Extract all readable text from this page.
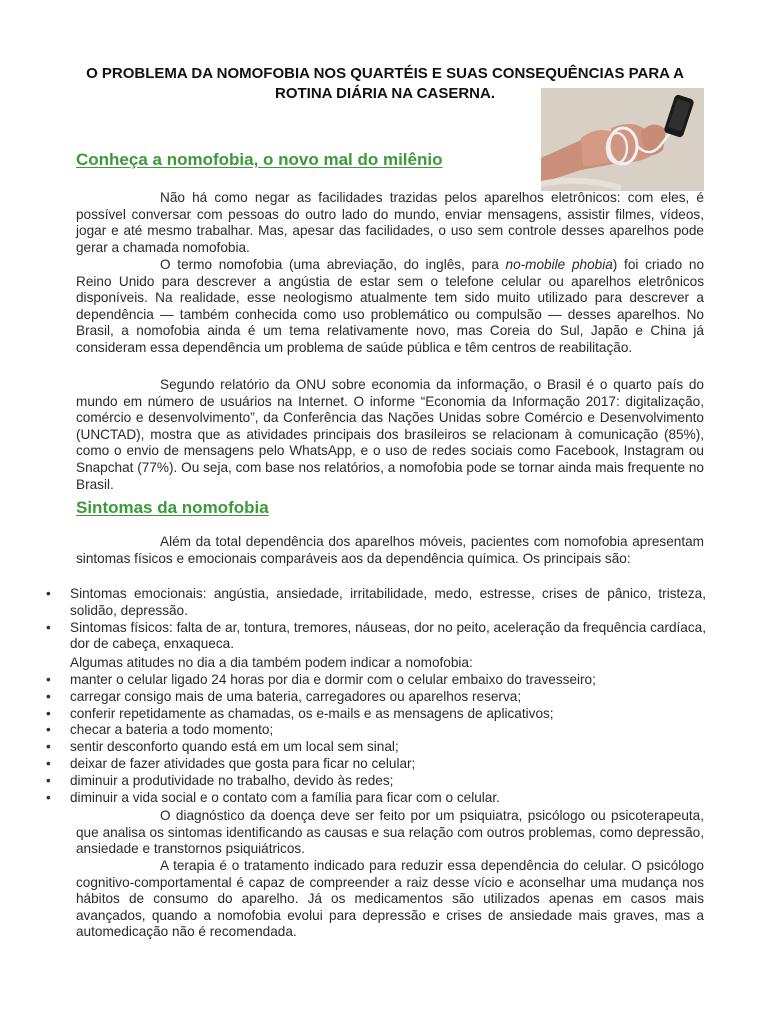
O PROBLEMA DA NOMOFOBIA NOS QUARTÉIS E SUAS CONSEQUÊNCIAS PARA A ROTINA DIÁRIA NA CASERNA.
Conheça a nomofobia, o novo mal do milênio

Não há como negar as facilidades trazidas pelos aparelhos eletrônicos: com eles, é possível conversar com pessoas do outro lado do mundo, enviar mensagens, assistir filmes, vídeos, jogar e até mesmo trabalhar. Mas, apesar das facilidades, o uso sem controle desses aparelhos pode gerar a chamada nomofobia.

O termo nomofobia (uma abreviação, do inglês, para no-mobile phobia) foi criado no Reino Unido para descrever a angústia de estar sem o telefone celular ou aparelhos eletrônicos disponíveis. Na realidade, esse neologismo atualmente tem sido muito utilizado para descrever a dependência — também conhecida como uso problemático ou compulsão — desses aparelhos. No Brasil, a nomofobia ainda é um tema relativamente novo, mas Coreia do Sul, Japão e China já consideram essa dependência um problema de saúde pública e têm centros de reabilitação.

Segundo relatório da ONU sobre economia da informação, o Brasil é o quarto país do mundo em número de usuários na Internet. O informe “Economia da Informação 2017: digitalização, comércio e desenvolvimento”, da Conferência das Nações Unidas sobre Comércio e Desenvolvimento (UNCTAD), mostra que as atividades principais dos brasileiros se relacionam à comunicação (85%), como o envio de mensagens pelo WhatsApp, e o uso de redes sociais como Facebook, Instagram ou Snapchat (77%). Ou seja, com base nos relatórios, a nomofobia pode se tornar ainda mais frequente no Brasil.

Sintomas da nomofobia

Além da total dependência dos aparelhos móveis, pacientes com nomofobia apresentam sintomas físicos e emocionais comparáveis aos da dependência química. Os principais são:

• Sintomas emocionais: angústia, ansiedade, irritabilidade, medo, estresse, crises de pânico, tristeza, solidão, depressão.
• Sintomas físicos: falta de ar, tontura, tremores, náuseas, dor no peito, aceleração da frequência cardíaca, dor de cabeça, enxaqueca.
Algumas atitudes no dia a dia também podem indicar a nomofobia:
• manter o celular ligado 24 horas por dia e dormir com o celular embaixo do travesseiro;
• carregar consigo mais de uma bateria, carregadores ou aparelhos reserva;
• conferir repetidamente as chamadas, os e-mails e as mensagens de aplicativos;
• checar a bateria a todo momento;
• sentir desconforto quando está em um local sem sinal;
• deixar de fazer atividades que gosta para ficar no celular;
• diminuir a produtividade no trabalho, devido às redes;
• diminuir a vida social e o contato com a família para ficar com o celular.

O diagnóstico da doença deve ser feito por um psiquiatra, psicólogo ou psicoterapeuta, que analisa os sintomas identificando as causas e sua relação com outros problemas, como depressão, ansiedade e transtornos psiquiátricos.

A terapia é o tratamento indicado para reduzir essa dependência do celular. O psicólogo cognitivo-comportamental é capaz de compreender a raiz desse vício e aconselhar uma mudança nos hábitos de consumo do aparelho. Já os medicamentos são utilizados apenas em casos mais avançados, quando a nomofobia evolui para depressão e crises de ansiedade mais graves, mas a automedicação não é recomendada.
